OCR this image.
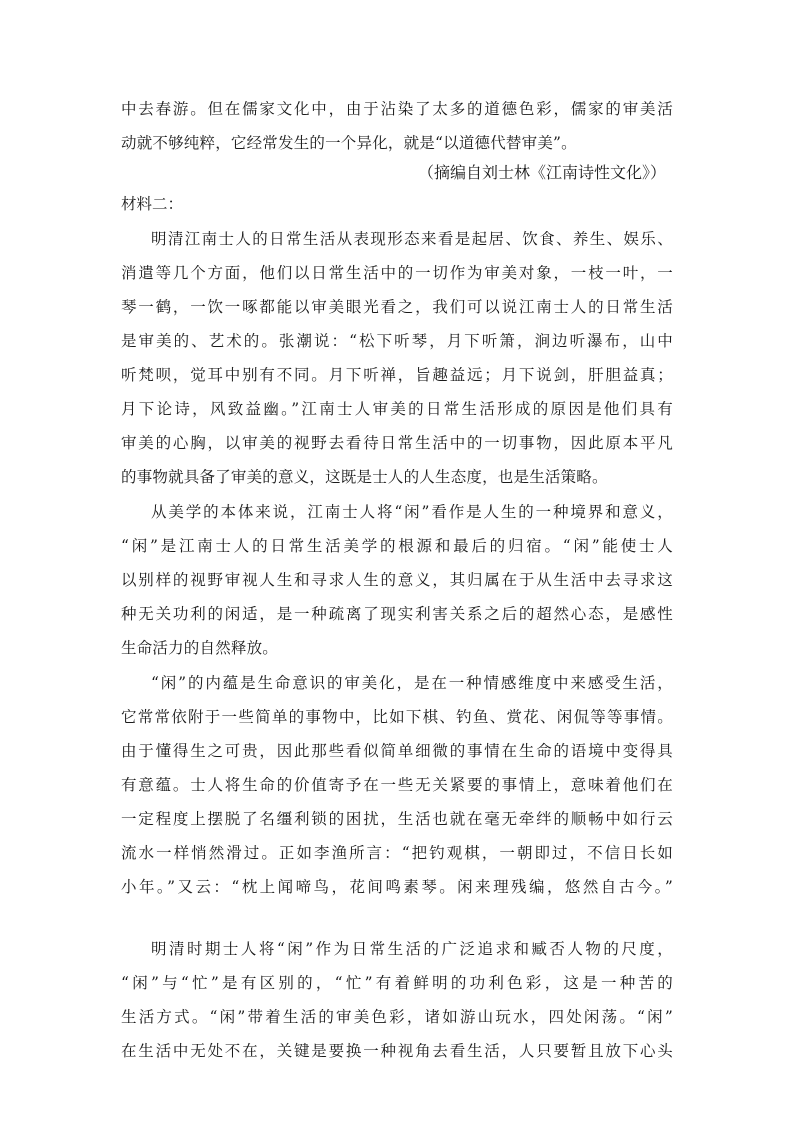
中去春游。但在儒家文化中，由于沾染了太多的道德色彩，儒家的审美活
动就不够纯粹，它经常发生的一个异化，就是“以道德代替审美”。
（摘编自刘士林《江南诗性文化》）
材料二：
明清江南士人的日常生活从表现形态来看是起居、饮食、养生、娱乐、
消遣等几个方面，他们以日常生活中的一切作为审美对象，一枝一叶，一
琴一鹤，一饮一啄都能以审美眼光看之，我们可以说江南士人的日常生活
是审美的、艺术的。张潮说：“松下听琴，月下听箫，涧边听瀑布，山中
听梵呗，觉耳中别有不同。月下听禅，旨趣益远；月下说剑，肝胆益真；
月下论诗，风致益幽。”江南士人审美的日常生活形成的原因是他们具有
审美的心胸，以审美的视野去看待日常生活中的一切事物，因此原本平凡
的事物就具备了审美的意义，这既是士人的人生态度，也是生活策略。
从美学的本体来说，江南士人将“闲”看作是人生的一种境界和意义，
“闲”是江南士人的日常生活美学的根源和最后的归宿。“闲”能使士人
以别样的视野审视人生和寻求人生的意义，其归属在于从生活中去寻求这
种无关功利的闲适，是一种疏离了现实利害关系之后的超然心态，是感性
生命活力的自然释放。
“闲”的内蕴是生命意识的审美化，是在一种情感维度中来感受生活，
它常常依附于一些简单的事物中，比如下棋、钓鱼、赏花、闲侃等等事情。
由于懂得生之可贵，因此那些看似简单细微的事情在生命的语境中变得具
有意蕴。士人将生命的价值寄予在一些无关紧要的事情上，意味着他们在
一定程度上摆脱了名缰利锁的困扰，生活也就在毫无牵绊的顺畅中如行云
流水一样悄然滑过。正如李渔所言：“把钓观棋，一朝即过，不信日长如
小年。”又云：“枕上闻啼鸟，花间鸣素琴。闲来理残编，悠然自古今。”
明清时期士人将“闲”作为日常生活的广泛追求和臧否人物的尺度，
“闲”与“忙”是有区别的，“忙”有着鲜明的功利色彩，这是一种苦的
生活方式。“闲”带着生活的审美色彩，诸如游山玩水，四处闲荡。“闲”
在生活中无处不在，关键是要换一种视角去看生活，人只要暂且放下心头
